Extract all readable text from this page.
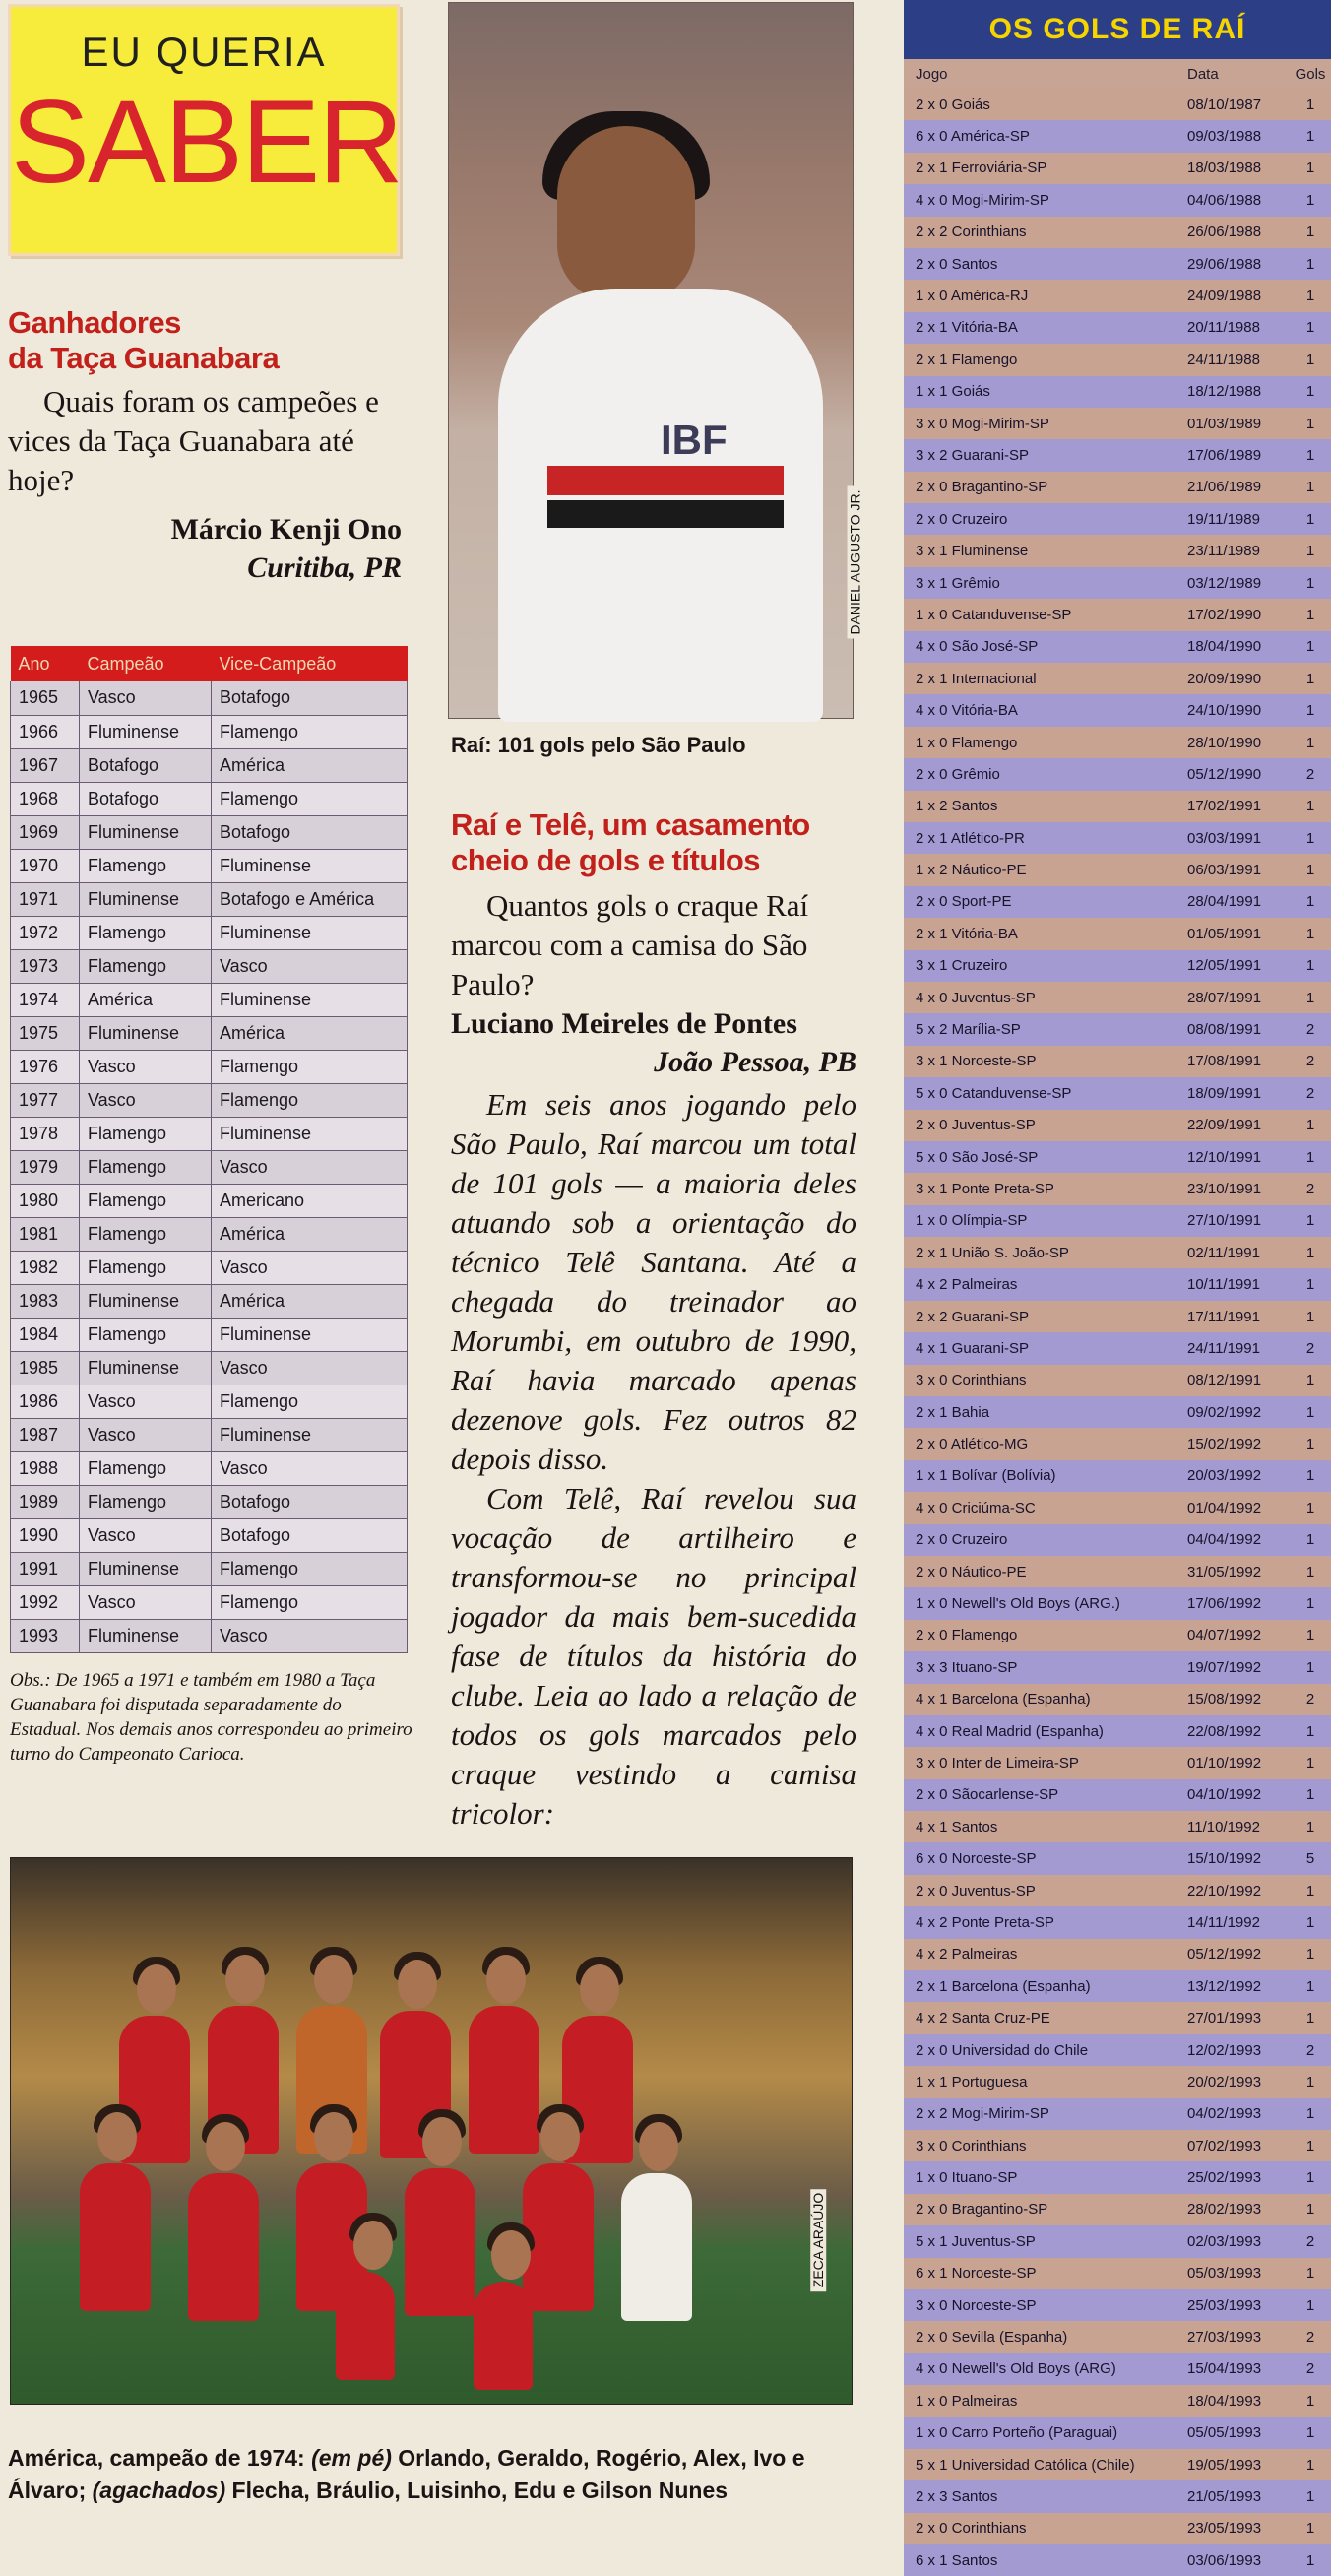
EU QUERIA
SABER
Ganhadores
da Taça Guanabara

Quais foram os campeões e vices da Taça Guanabara até hoje?

Márcio Kenji Ono
Curitiba, PR
Ano	Campeão	Vice-Campeão
1965	Vasco	Botafogo
1966	Fluminense	Flamengo
1967	Botafogo	América
1968	Botafogo	Flamengo
1969	Fluminense	Botafogo
1970	Flamengo	Fluminense
1971	Fluminense	Botafogo e América
1972	Flamengo	Fluminense
1973	Flamengo	Vasco
1974	América	Fluminense
1975	Fluminense	América
1976	Vasco	Flamengo
1977	Vasco	Flamengo
1978	Flamengo	Fluminense
1979	Flamengo	Vasco
1980	Flamengo	Americano
1981	Flamengo	América
1982	Flamengo	Vasco
1983	Fluminense	América
1984	Flamengo	Fluminense
1985	Fluminense	Vasco
1986	Vasco	Flamengo
1987	Vasco	Fluminense
1988	Flamengo	Vasco
1989	Flamengo	Botafogo
1990	Vasco	Botafogo
1991	Fluminense	Flamengo
1992	Vasco	Flamengo
1993	Fluminense	Vasco

Obs.: De 1965 a 1971 e também em 1980 a Taça Guanabara foi disputada separadamente do Estadual. Nos demais anos correspondeu ao primeiro turno do Campeonato Carioca.

IBF
DANIEL AUGUSTO JR.
Raí: 101 gols pelo São Paulo
Raí e Telê, um casamento
cheio de gols e títulos

Quantos gols o craque Raí marcou com a camisa do São Paulo?

Luciano Meireles de Pontes
João Pessoa, PB

Em seis anos jogando pelo São Paulo, Raí marcou um total de 101 gols — a maioria deles atuando sob a orientação do técnico Telê Santana. Até a chegada do treinador ao Morumbi, em outubro de 1990, Raí havia marcado apenas dezenove gols. Fez outros 82 depois disso.

Com Telê, Raí revelou sua vocação de artilheiro e transformou-se no principal jogador da mais bem-sucedida fase de títulos da história do clube. Leia ao lado a relação de todos os gols marcados pelo craque vestindo a camisa tricolor:

ZECA ARAÚJO
América, campeão de 1974: (em pé) Orlando, Geraldo, Rogério, Alex, Ivo e Álvaro; (agachados) Flecha, Bráulio, Luisinho, Edu e Gilson Nunes
OS GOLS DE RAÍ
Jogo	Data	Gols
2 x 0 Goiás	08/10/1987	1
6 x 0 América-SP	09/03/1988	1
2 x 1 Ferroviária-SP	18/03/1988	1
4 x 0 Mogi-Mirim-SP	04/06/1988	1
2 x 2 Corinthians	26/06/1988	1
2 x 0 Santos	29/06/1988	1
1 x 0 América-RJ	24/09/1988	1
2 x 1 Vitória-BA	20/11/1988	1
2 x 1 Flamengo	24/11/1988	1
1 x 1 Goiás	18/12/1988	1
3 x 0 Mogi-Mirim-SP	01/03/1989	1
3 x 2 Guarani-SP	17/06/1989	1
2 x 0 Bragantino-SP	21/06/1989	1
2 x 0 Cruzeiro	19/11/1989	1
3 x 1 Fluminense	23/11/1989	1
3 x 1 Grêmio	03/12/1989	1
1 x 0 Catanduvense-SP	17/02/1990	1
4 x 0 São José-SP	18/04/1990	1
2 x 1 Internacional	20/09/1990	1
4 x 0 Vitória-BA	24/10/1990	1
1 x 0 Flamengo	28/10/1990	1
2 x 0 Grêmio	05/12/1990	2
1 x 2 Santos	17/02/1991	1
2 x 1 Atlético-PR	03/03/1991	1
1 x 2 Náutico-PE	06/03/1991	1
2 x 0 Sport-PE	28/04/1991	1
2 x 1 Vitória-BA	01/05/1991	1
3 x 1 Cruzeiro	12/05/1991	1
4 x 0 Juventus-SP	28/07/1991	1
5 x 2 Marília-SP	08/08/1991	2
3 x 1 Noroeste-SP	17/08/1991	2
5 x 0 Catanduvense-SP	18/09/1991	2
2 x 0 Juventus-SP	22/09/1991	1
5 x 0 São José-SP	12/10/1991	1
3 x 1 Ponte Preta-SP	23/10/1991	2
1 x 0 Olímpia-SP	27/10/1991	1
2 x 1 União S. João-SP	02/11/1991	1
4 x 2 Palmeiras	10/11/1991	1
2 x 2 Guarani-SP	17/11/1991	1
4 x 1 Guarani-SP	24/11/1991	2
3 x 0 Corinthians	08/12/1991	1
2 x 1 Bahia	09/02/1992	1
2 x 0 Atlético-MG	15/02/1992	1
1 x 1 Bolívar (Bolívia)	20/03/1992	1
4 x 0 Criciúma-SC	01/04/1992	1
2 x 0 Cruzeiro	04/04/1992	1
2 x 0 Náutico-PE	31/05/1992	1
1 x 0 Newell's Old Boys (ARG.)	17/06/1992	1
2 x 0 Flamengo	04/07/1992	1
3 x 3 Ituano-SP	19/07/1992	1
4 x 1 Barcelona (Espanha)	15/08/1992	2
4 x 0 Real Madrid (Espanha)	22/08/1992	1
3 x 0 Inter de Limeira-SP	01/10/1992	1
2 x 0 Sãocarlense-SP	04/10/1992	1
4 x 1 Santos	11/10/1992	1
6 x 0 Noroeste-SP	15/10/1992	5
2 x 0 Juventus-SP	22/10/1992	1
4 x 2 Ponte Preta-SP	14/11/1992	1
4 x 2 Palmeiras	05/12/1992	1
2 x 1 Barcelona (Espanha)	13/12/1992	1
4 x 2 Santa Cruz-PE	27/01/1993	1
2 x 0 Universidad do Chile	12/02/1993	2
1 x 1 Portuguesa	20/02/1993	1
2 x 2 Mogi-Mirim-SP	04/02/1993	1
3 x 0 Corinthians	07/02/1993	1
1 x 0 Ituano-SP	25/02/1993	1
2 x 0 Bragantino-SP	28/02/1993	1
5 x 1 Juventus-SP	02/03/1993	2
6 x 1 Noroeste-SP	05/03/1993	1
3 x 0 Noroeste-SP	25/03/1993	1
2 x 0 Sevilla (Espanha)	27/03/1993	2
4 x 0 Newell's Old Boys (ARG)	15/04/1993	2
1 x 0 Palmeiras	18/04/1993	1
1 x 0 Carro Porteño (Paraguai)	05/05/1993	1
5 x 1 Universidad Católica (Chile)	19/05/1993	1
2 x 3 Santos	21/05/1993	1
2 x 0 Corinthians	23/05/1993	1
6 x 1 Santos	03/06/1993	1
